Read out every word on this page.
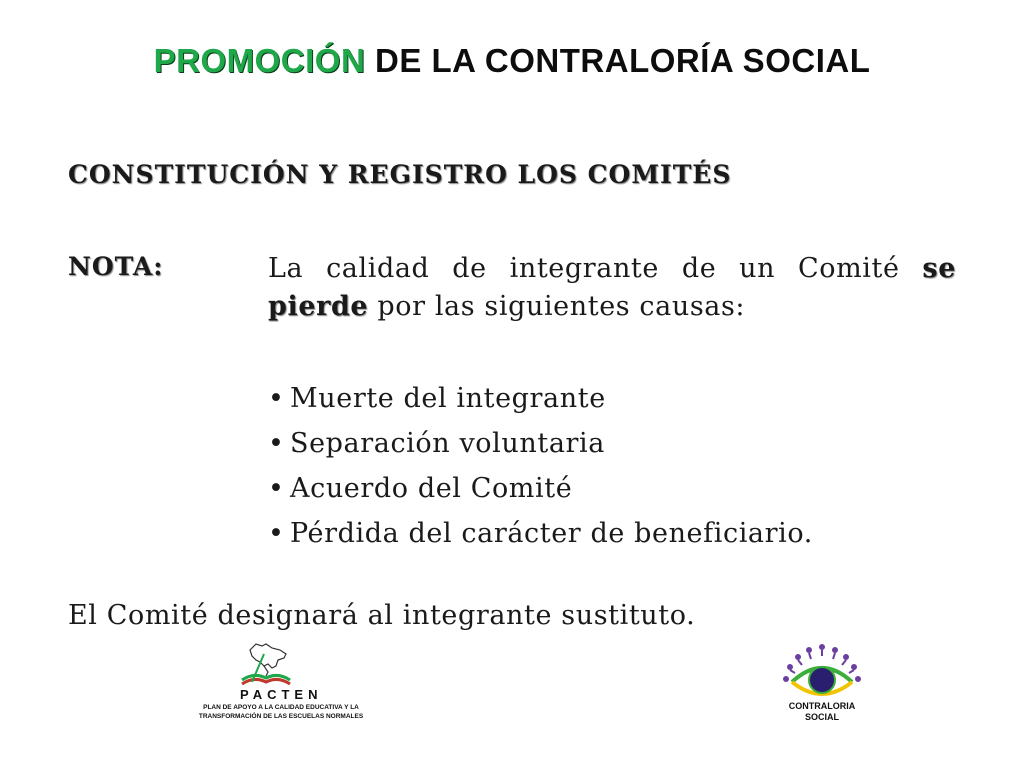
PROMOCIÓN DE LA CONTRALORÍA SOCIAL
CONSTITUCIÓN Y REGISTRO LOS COMITÉS
NOTA:	La calidad de integrante de un Comité se pierde por las siguientes causas:
• Muerte del integrante
• Separación voluntaria
• Acuerdo del Comité
• Pérdida del carácter de beneficiario.
El Comité designará al integrante sustituto.
PACTEN
PLAN DE APOYO A LA CALIDAD EDUCATIVA Y LA
TRANSFORMACIÓN DE LAS ESCUELAS NORMALES
CONTRALORIA
SOCIAL
